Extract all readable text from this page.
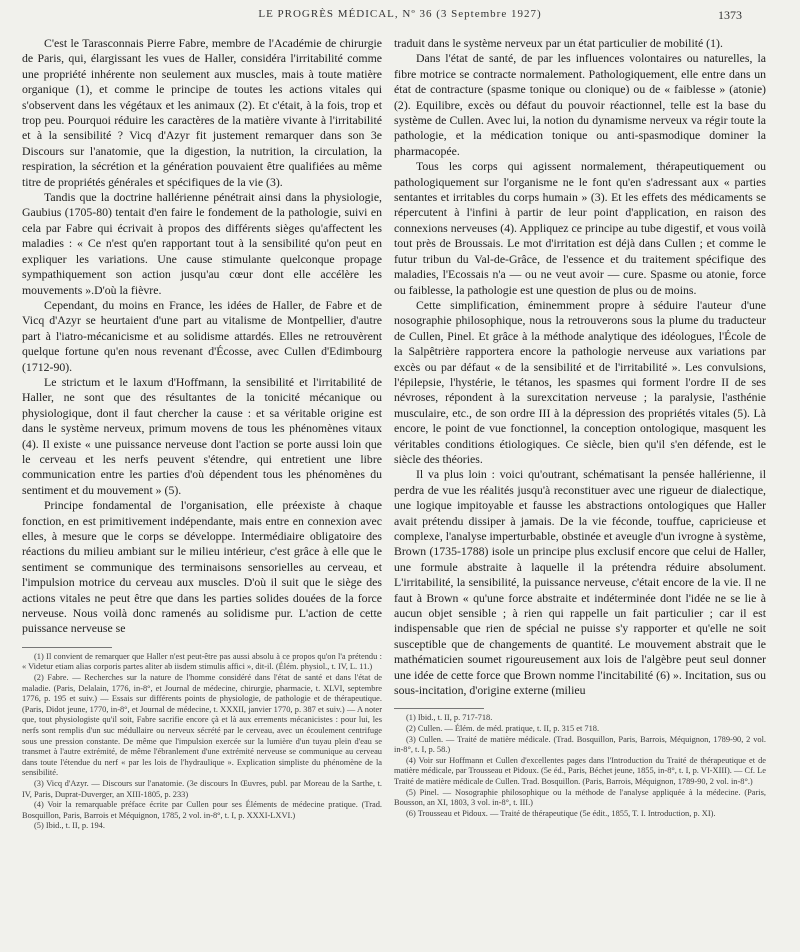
LE PROGRÈS MÉDICAL, Nº 36 (3 Septembre 1927)	1373

C'est le Tarasconnais Pierre Fabre, membre de l'Académie de chirurgie de Paris, qui, élargissant les vues de Haller, considéra l'irritabilité comme une propriété inhérente non seulement aux muscles, mais à toute matière organique (1), et comme le principe de toutes les actions vitales qui s'observent dans les végétaux et les animaux (2). Et c'était, à la fois, trop et trop peu. Pourquoi réduire les caractères de la matière vivante à l'irritabilité et à la sensibilité ? Vicq d'Azyr fit justement remarquer dans son 3e Discours sur l'anatomie, que la digestion, la nutrition, la circulation, la respiration, la sécrétion et la génération pouvaient être qualifiées au même titre de propriétés générales et spécifiques de la vie (3).

Tandis que la doctrine hallérienne pénétrait ainsi dans la physiologie, Gaubius (1705-80) tentait d'en faire le fondement de la pathologie, suivi en cela par Fabre qui écrivait à propos des différents sièges qu'affectent les maladies : « Ce n'est qu'en rapportant tout à la sensibilité qu'on peut en expliquer les variations. Une cause stimulante quelconque propage sympathiquement son action jusqu'au cœur dont elle accélère les mouvements ».D'où la fièvre.

Cependant, du moins en France, les idées de Haller, de Fabre et de Vicq d'Azyr se heurtaient d'une part au vitalisme de Montpellier, d'autre part à l'iatro-mécanicisme et au solidisme attardés. Elles ne retrouvèrent quelque fortune qu'en nous revenant d'Écosse, avec Cullen d'Edimbourg (1712-90).

Le strictum et le laxum d'Hoffmann, la sensibilité et l'irritabilité de Haller, ne sont que des résultantes de la tonicité mécanique ou physiologique, dont il faut chercher la cause : et sa véritable origine est dans le système nerveux, primum movens de tous les phénomènes vitaux (4). Il existe « une puissance nerveuse dont l'action se porte aussi loin que le cerveau et les nerfs peuvent s'étendre, qui entretient une libre communication entre les parties d'où dépendent tous les phénomènes du sentiment et du mouvement » (5).

Principe fondamental de l'organisation, elle préexiste à chaque fonction, en est primitivement indépendante, mais entre en connexion avec elles, à mesure que le corps se développe. Intermédiaire obligatoire des réactions du milieu ambiant sur le milieu intérieur, c'est grâce à elle que le sentiment se communique des terminaisons sensorielles au cerveau, et l'impulsion motrice du cerveau aux muscles. D'où il suit que le siège des actions vitales ne peut être que dans les parties solides douées de la force nerveuse. Nous voilà donc ramenés au solidisme pur. L'action de cette puissance nerveuse se

(1) Il convient de remarquer que Haller n'est peut-être pas aussi absolu à ce propos qu'on l'a prétendu : « Videtur etiam alias corporis partes aliter ab iisdem stimulis affici », dit-il. (Élém. physiol., t. IV, L. 11.)

(2) Fabre. — Recherches sur la nature de l'homme considéré dans l'état de santé et dans l'état de maladie. (Paris, Delalain, 1776, in-8°, et Journal de médecine, chirurgie, pharmacie, t. XLVI, septembre 1776, p. 195 et suiv.) — Essais sur différents points de physiologie, de pathologie et de thérapeutique. (Paris, Didot jeune, 1770, in-8°, et Journal de médecine, t. XXXII, janvier 1770, p. 387 et suiv.) — A noter que, tout physiologiste qu'il soit, Fabre sacrifie encore çà et là aux errements mécanicistes : pour lui, les nerfs sont remplis d'un suc médullaire ou nerveux sécrété par le cerveau, avec un écoulement centrifuge sous une pression constante. De même que l'impulsion exercée sur la lumière d'un tuyau plein d'eau se transmet à l'autre extrémité, de même l'ébranlement d'une extrémité nerveuse se communique au cerveau dans toute l'étendue du nerf « par les lois de l'hydraulique ». Explication simpliste du phénomène de la sensibilité.

(3) Vicq d'Azyr. — Discours sur l'anatomie. (3e discours In Œuvres, publ. par Moreau de la Sarthe, t. IV, Paris, Duprat-Duverger, an XIII-1805, p. 233)

(4) Voir la remarquable préface écrite par Cullen pour ses Éléments de médecine pratique. (Trad. Bosquillon, Paris, Barrois et Méquignon, 1785, 2 vol. in-8°, t. I, p. XXXI-LXVI.)

(5) Ibid., t. II, p. 194.

traduit dans le système nerveux par un état particulier de mobilité (1).

Dans l'état de santé, de par les influences volontaires ou naturelles, la fibre motrice se contracte normalement. Pathologiquement, elle entre dans un état de contracture (spasme tonique ou clonique) ou de « faiblesse » (atonie) (2). Equilibre, excès ou défaut du pouvoir réactionnel, telle est la base du système de Cullen. Avec lui, la notion du dynamisme nerveux va régir toute la pathologie, et la médication tonique ou anti-spasmodique dominer la pharmacopée.

Tous les corps qui agissent normalement, thérapeutiquement ou pathologiquement sur l'organisme ne le font qu'en s'adressant aux « parties sentantes et irritables du corps humain » (3). Et les effets des médicaments se répercutent à l'infini à partir de leur point d'application, en raison des connexions nerveuses (4). Appliquez ce principe au tube digestif, et vous voilà tout près de Broussais. Le mot d'irritation est déjà dans Cullen ; et comme le futur tribun du Val-de-Grâce, de l'essence et du traitement spécifique des maladies, l'Ecossais n'a — ou ne veut avoir — cure. Spasme ou atonie, force ou faiblesse, la pathologie est une question de plus ou de moins.

Cette simplification, éminemment propre à séduire l'auteur d'une nosographie philosophique, nous la retrouverons sous la plume du traducteur de Cullen, Pinel. Et grâce à la méthode analytique des idéologues, l'École de la Salpêtrière rapportera encore la pathologie nerveuse aux variations par excès ou par défaut « de la sensibilité et de l'irritabilité ». Les convulsions, l'épilepsie, l'hystérie, le tétanos, les spasmes qui forment l'ordre II de ses névroses, répondent à la surexcitation nerveuse ; la paralysie, l'asthénie musculaire, etc., de son ordre III à la dépression des propriétés vitales (5). Là encore, le point de vue fonctionnel, la conception ontologique, masquent les véritables conditions étiologiques. Ce siècle, bien qu'il s'en défende, est le siècle des théories.

Il va plus loin : voici qu'outrant, schématisant la pensée hallérienne, il perdra de vue les réalités jusqu'à reconstituer avec une rigueur de dialectique, une logique impitoyable et fausse les abstractions ontologiques que Haller avait prétendu dissiper à jamais. De la vie féconde, touffue, capricieuse et complexe, l'analyse imperturbable, obstinée et aveugle d'un ivrogne à système, Brown (1735-1788) isole un principe plus exclusif encore que celui de Haller, une formule abstraite à laquelle il la prétendra réduire absolument. L'irritabilité, la sensibilité, la puissance nerveuse, c'était encore de la vie. Il ne faut à Brown « qu'une force abstraite et indéterminée dont l'idée ne se lie à aucun objet sensible ; à rien qui rappelle un fait particulier ; car il est indispensable que rien de spécial ne puisse s'y rapporter et qu'elle ne soit susceptible que de changements de quantité. Le mouvement abstrait que le mathématicien soumet rigoureusement aux lois de l'algèbre peut seul donner une idée de cette force que Brown nomme l'incitabilité (6) ». Incitation, sus ou sous-incitation, d'origine externe (milieu

(1) Ibid., t. II, p. 717-718.

(2) Cullen. — Élém. de méd. pratique, t. II, p. 315 et 718.

(3) Cullen. — Traité de matière médicale. (Trad. Bosquillon, Paris, Barrois, Méquignon, 1789-90, 2 vol. in-8°, t. I, p. 58.)

(4) Voir sur Hoffmann et Cullen d'excellentes pages dans l'Introduction du Traité de thérapeutique et de matière médicale, par Trousseau et Pidoux. (5e éd., Paris, Béchet jeune, 1855, in-8°, t. I, p. VI-XIII). — Cf. Le Traité de matière médicale de Cullen. Trad. Bosquillon. (Paris, Barrois, Méquignon, 1789-90, 2 vol. in-8°.)

(5) Pinel. — Nosographie philosophique ou la méthode de l'analyse appliquée à la médecine. (Paris, Bousson, an XI, 1803, 3 vol. in-8°, t. III.)

(6) Trousseau et Pidoux. — Traité de thérapeutique (5e édit., 1855, T. I. Introduction, p. XI).
